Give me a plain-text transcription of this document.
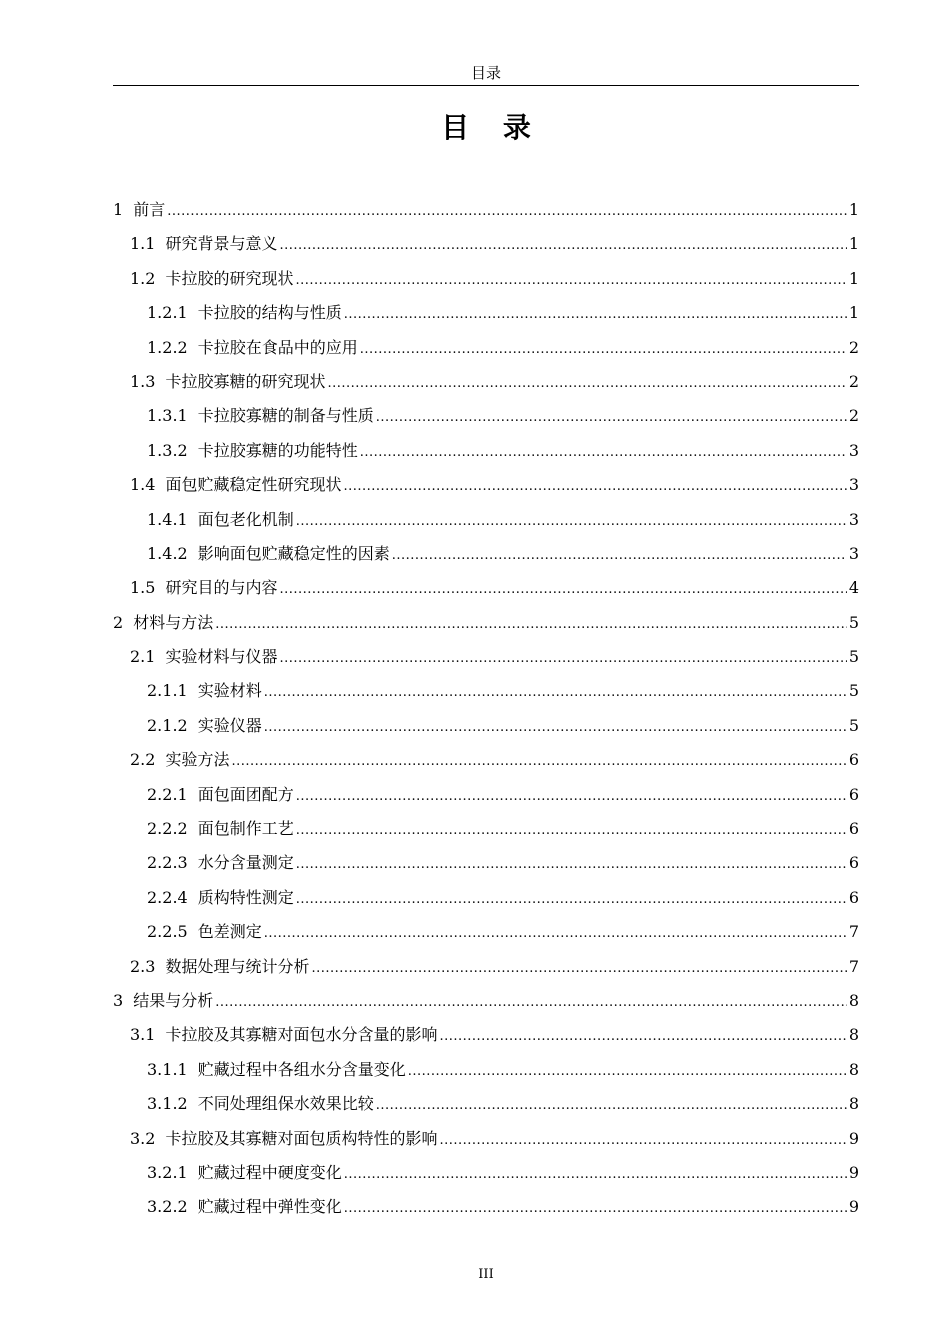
目录
目 录
1 前言 .....	1
1.1 研究背景与意义 .....	1
1.2 卡拉胶的研究现状 .....	1
1.2.1 卡拉胶的结构与性质 .....	1
1.2.2 卡拉胶在食品中的应用 .....	2
1.3 卡拉胶寡糖的研究现状 .....	2
1.3.1 卡拉胶寡糖的制备与性质 .....	2
1.3.2 卡拉胶寡糖的功能特性 .....	3
1.4 面包贮藏稳定性研究现状 .....	3
1.4.1 面包老化机制 .....	3
1.4.2 影响面包贮藏稳定性的因素 .....	3
1.5 研究目的与内容 .....	4
2 材料与方法 .....	5
2.1 实验材料与仪器 .....	5
2.1.1 实验材料 .....	5
2.1.2 实验仪器 .....	5
2.2 实验方法 .....	6
2.2.1 面包面团配方 .....	6
2.2.2 面包制作工艺 .....	6
2.2.3 水分含量测定 .....	6
2.2.4 质构特性测定 .....	6
2.2.5 色差测定 .....	7
2.3 数据处理与统计分析 .....	7
3 结果与分析 .....	8
3.1 卡拉胶及其寡糖对面包水分含量的影响 .....	8
3.1.1 贮藏过程中各组水分含量变化 .....	8
3.1.2 不同处理组保水效果比较 .....	8
3.2 卡拉胶及其寡糖对面包质构特性的影响 .....	9
3.2.1 贮藏过程中硬度变化 .....	9
3.2.2 贮藏过程中弹性变化 .....	9
III
